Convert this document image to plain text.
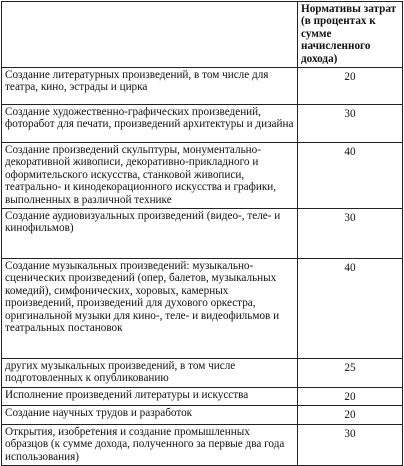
	Нормативы затрат (в процентах к сумме начисленного дохода)
Создание литературных произведений, в том числе для театра, кино, эстрады и цирка	20
Создание художественно-графических произведений, фоторабот для печати, произведений архитектуры и дизайна	30
Создание произведений скульптуры, монументально-декоративной живописи, декоративно-прикладного и оформительского искусства, станковой живописи, театрально- и кинодекорационного искусства и графики, выполненных в различной технике	40
Создание аудиовизуальных произведений (видео-, теле- и кинофильмов)	30
Создание музыкальных произведений: музыкально-сценических произведений (опер, балетов, музыкальных комедий), симфонических, хоровых, камерных произведений, произведений для духового оркестра, оригинальной музыки для кино-, теле- и видеофильмов и театральных постановок	40
других музыкальных произведений, в том числе подготовленных к опубликованию	25
Исполнение произведений литературы и искусства	20
Создание научных трудов и разработок	20
Открытия, изобретения и создание промышленных образцов (к сумме дохода, полученного за первые два года использования)	30
